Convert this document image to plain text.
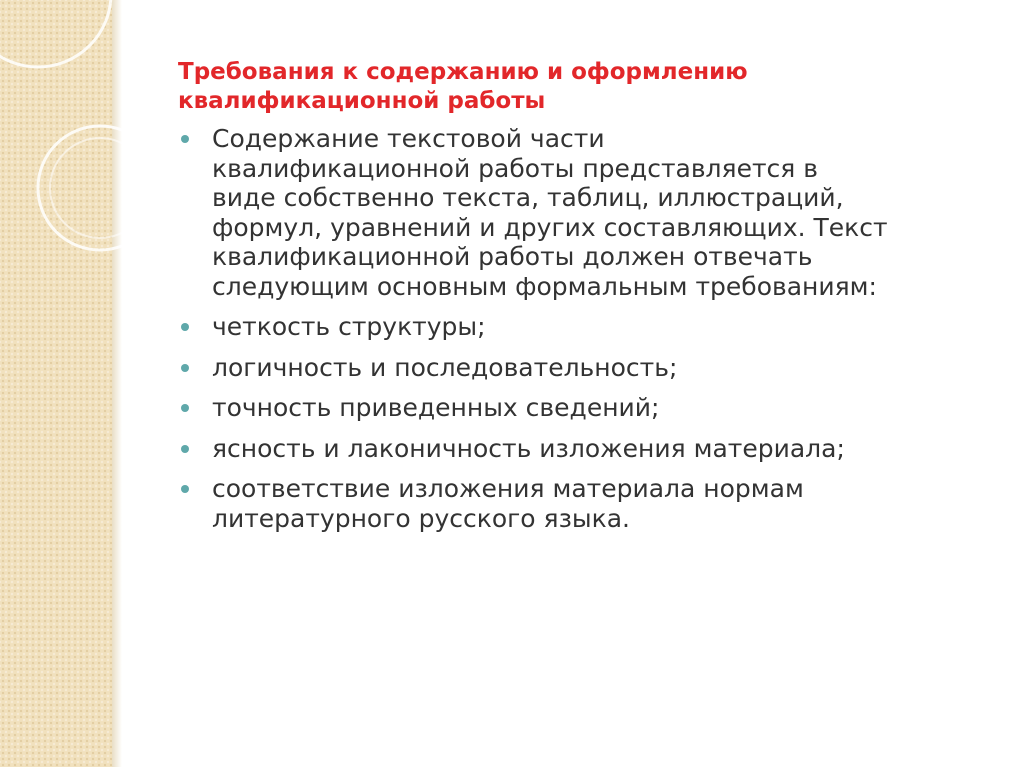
Требования к содержанию и оформлению
квалификационной работы
Содержание текстовой части
квалификационной работы представляется в
виде собственно текста, таблиц, иллюстраций,
формул, уравнений и других составляющих. Текст
квалификационной работы должен отвечать
следующим основным формальным требованиям:
четкость структуры;
логичность и последовательность;
точность приведенных сведений;
ясность и лаконичность изложения материала;
соответствие изложения материала нормам
литературного русского языка.
